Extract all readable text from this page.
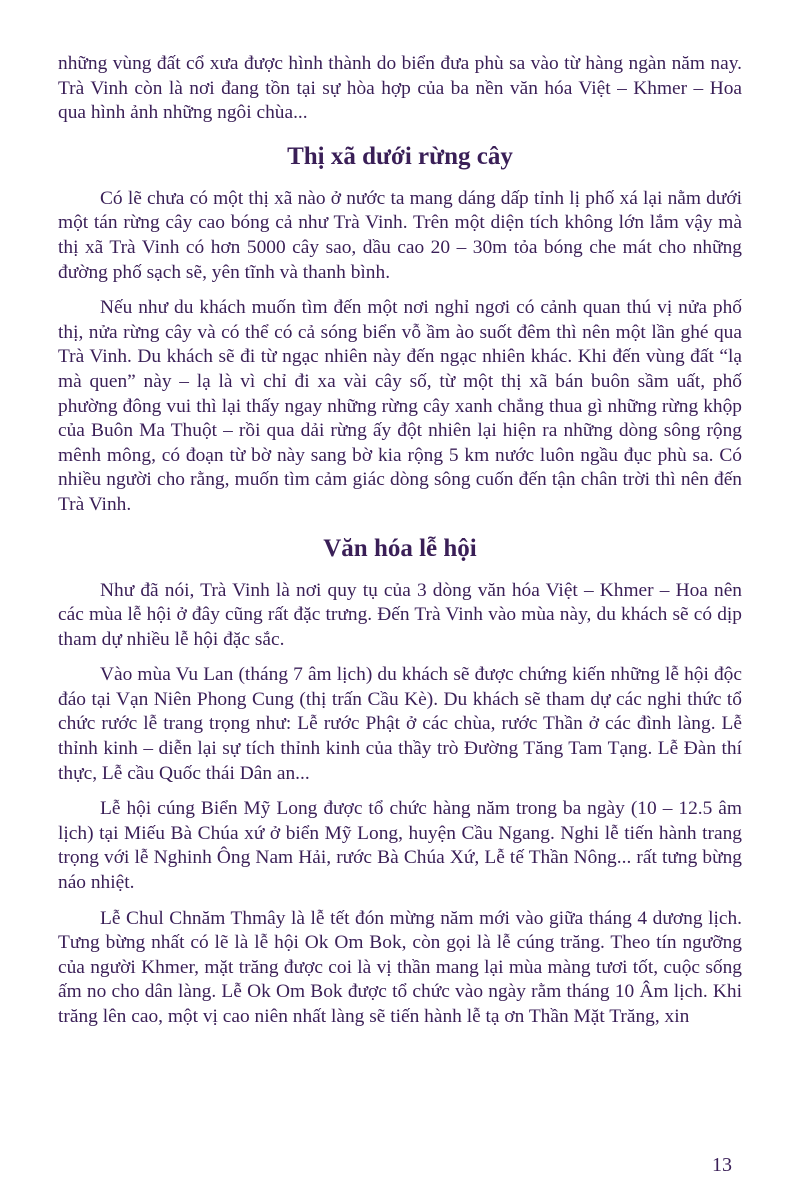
những vùng đất cổ xưa được hình thành do biển đưa phù sa vào từ hàng ngàn năm nay. Trà Vinh còn là nơi đang tồn tại sự hòa hợp của ba nền văn hóa Việt – Khmer – Hoa qua hình ảnh những ngôi chùa...

Thị xã dưới rừng cây

Có lẽ chưa có một thị xã nào ở nước ta mang dáng dấp tỉnh lị phố xá lại nằm dưới một tán rừng cây cao bóng cả như Trà Vinh. Trên một diện tích không lớn lắm vậy mà thị xã Trà Vinh có hơn 5000 cây sao, dầu cao 20 – 30m tỏa bóng che mát cho những đường phố sạch sẽ, yên tĩnh và thanh bình.

Nếu như du khách muốn tìm đến một nơi nghỉ ngơi có cảnh quan thú vị nửa phố thị, nửa rừng cây và có thể có cả sóng biển vỗ ầm ào suốt đêm thì nên một lần ghé qua Trà Vinh. Du khách sẽ đi từ ngạc nhiên này đến ngạc nhiên khác. Khi đến vùng đất “lạ mà quen” này – lạ là vì chỉ đi xa vài cây số, từ một thị xã bán buôn sầm uất, phố phường đông vui thì lại thấy ngay những rừng cây xanh chẳng thua gì những rừng khộp của Buôn Ma Thuột – rồi qua dải rừng ấy đột nhiên lại hiện ra những dòng sông rộng mênh mông, có đoạn từ bờ này sang bờ kia rộng 5 km nước luôn ngầu đục phù sa. Có nhiều người cho rằng, muốn tìm cảm giác dòng sông cuốn đến tận chân trời thì nên đến Trà Vinh.

Văn hóa lễ hội

Như đã nói, Trà Vinh là nơi quy tụ của 3 dòng văn hóa Việt – Khmer – Hoa nên các mùa lễ hội ở đây cũng rất đặc trưng. Đến Trà Vinh vào mùa này, du khách sẽ có dịp tham dự nhiều lễ hội đặc sắc.

Vào mùa Vu Lan (tháng 7 âm lịch) du khách sẽ được chứng kiến những lễ hội độc đáo tại Vạn Niên Phong Cung (thị trấn Cầu Kè). Du khách sẽ tham dự các nghi thức tổ chức rước lễ trang trọng như: Lễ rước Phật ở các chùa, rước Thần ở các đình làng. Lễ thỉnh kinh – diễn lại sự tích thỉnh kinh của thầy trò Đường Tăng Tam Tạng. Lễ Đàn thí thực, Lễ cầu Quốc thái Dân an...

Lễ hội cúng Biển Mỹ Long được tổ chức hàng năm trong ba ngày (10 – 12.5 âm lịch) tại Miếu Bà Chúa xứ ở biển Mỹ Long, huyện Cầu Ngang. Nghi lễ tiến hành trang trọng với lễ Nghinh Ông Nam Hải, rước Bà Chúa Xứ, Lễ tế Thần Nông... rất tưng bừng náo nhiệt.

Lễ Chul Chnăm Thmây là lễ tết đón mừng năm mới vào giữa tháng 4 dương lịch. Tưng bừng nhất có lẽ là lễ hội Ok Om Bok, còn gọi là lễ cúng trăng. Theo tín ngưỡng của người Khmer, mặt trăng được coi là vị thần mang lại mùa màng tươi tốt, cuộc sống ấm no cho dân làng. Lễ Ok Om Bok được tổ chức vào ngày rằm tháng 10 Âm lịch. Khi trăng lên cao, một vị cao niên nhất làng sẽ tiến hành lễ tạ ơn Thần Mặt Trăng, xin

13
